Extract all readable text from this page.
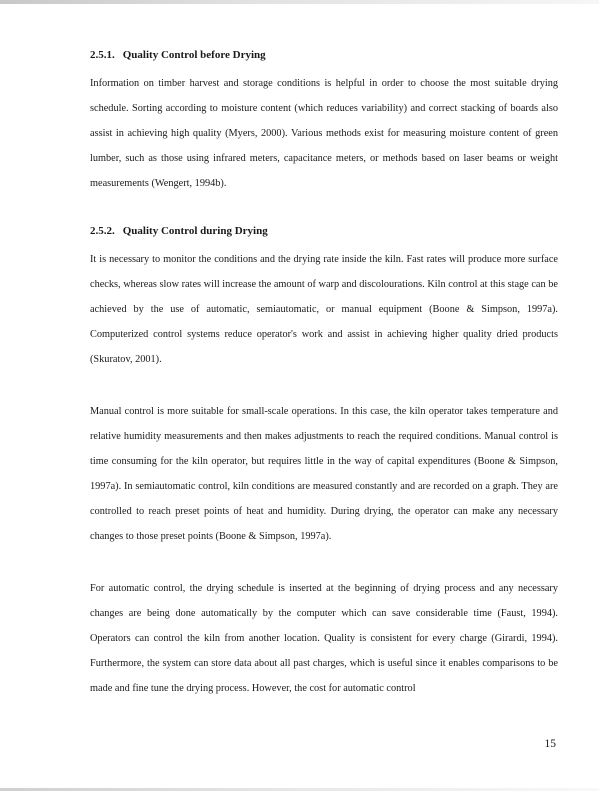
2.5.1. Quality Control before Drying

Information on timber harvest and storage conditions is helpful in order to choose the most suitable drying schedule. Sorting according to moisture content (which reduces variability) and correct stacking of boards also assist in achieving high quality (Myers, 2000). Various methods exist for measuring moisture content of green lumber, such as those using infrared meters, capacitance meters, or methods based on laser beams or weight measurements (Wengert, 1994b).

2.5.2. Quality Control during Drying

It is necessary to monitor the conditions and the drying rate inside the kiln. Fast rates will produce more surface checks, whereas slow rates will increase the amount of warp and discolourations. Kiln control at this stage can be achieved by the use of automatic, semiautomatic, or manual equipment (Boone & Simpson, 1997a). Computerized control systems reduce operator's work and assist in achieving higher quality dried products (Skuratov, 2001).

Manual control is more suitable for small-scale operations. In this case, the kiln operator takes temperature and relative humidity measurements and then makes adjustments to reach the required conditions. Manual control is time consuming for the kiln operator, but requires little in the way of capital expenditures (Boone & Simpson, 1997a). In semiautomatic control, kiln conditions are measured constantly and are recorded on a graph. They are controlled to reach preset points of heat and humidity. During drying, the operator can make any necessary changes to those preset points (Boone & Simpson, 1997a).

For automatic control, the drying schedule is inserted at the beginning of drying process and any necessary changes are being done automatically by the computer which can save considerable time (Faust, 1994). Operators can control the kiln from another location. Quality is consistent for every charge (Girardi, 1994). Furthermore, the system can store data about all past charges, which is useful since it enables comparisons to be made and fine tune the drying process. However, the cost for automatic control

15
